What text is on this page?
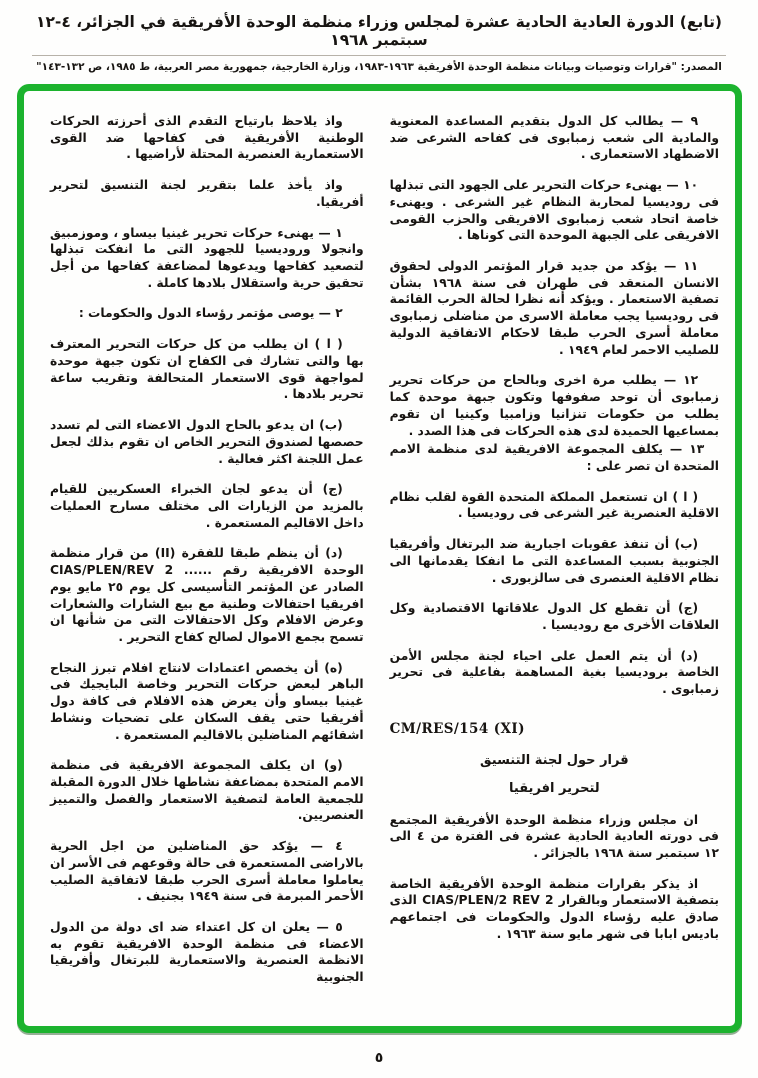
(تابع) الدورة العادية الحادية عشرة لمجلس وزراء منظمة الوحدة الأفريقية في الجزائر، ٤-١٢ سبتمبر ١٩٦٨
المصدر: "قرارات وتوصيات وبيانات منظمة الوحدة الأفريقية ١٩٦٣-١٩٨٣، وزارة الخارجية، جمهورية مصر العربية، ط ١٩٨٥، ص ١٣٢-١٤٣"
٩ — يطالب كل الدول بتقديم المساعدة المعنوية والمادية الى شعب زمبابوى فى كفاحه الشرعى ضد الاضطهاد الاستعمارى .
١٠ — يهنىء حركات التحرير على الجهود التى تبذلها فى روديسيا لمحاربة النظام غير الشرعى . ويهنىء خاصة اتحاد شعب زمبابوى الافريقى والحزب القومى الافريقى على الجبهة الموحدة التى كوناها .
١١ — يؤكد من جديد قرار المؤتمر الدولى لحقوق الانسان المنعقد فى طهران فى سنة ١٩٦٨ بشأن تصفية الاستعمار . ويؤكد أنه نظرا لحالة الحرب القائمة فى روديسيا يجب معاملة الاسرى من مناضلى زمبابوى معاملة أسرى الحرب طبقا لاحكام الاتفاقية الدولية للصليب الاحمر لعام ١٩٤٩ .
١٢ — يطلب مرة اخرى وبالحاح من حركات تحرير زمبابوى أن توحد صفوفها وتكون جبهة موحدة كما يطلب من حكومات تنزانيا وزامبيا وكينيا ان تقوم بمساعيها الحميدة لدى هذه الحركات فى هذا الصدد .
١٣ — يكلف المجموعة الافريقية لدى منظمة الامم المتحدة ان تصر على :
( ا ) ان تستعمل المملكة المتحدة القوة لقلب نظام الاقلية العنصرية غير الشرعى فى روديسيا .
(ب) أن تنفذ عقوبات اجبارية ضد البرتغال وأفريقيا الجنوبية بسبب المساعدة التى ما انفكا يقدمانها الى نظام الاقلية العنصرى فى سالزبورى .
(ج) أن تقطع كل الدول علاقاتها الاقتصادية وكل العلاقات الأخرى مع روديسيا .
(د) أن يتم العمل على احياء لجنة مجلس الأمن الخاصة بروديسيا بغية المساهمة بفاعلية فى تحرير زمبابوى .
CM/RES/154 (XI)
قرار حول لجنة التنسيق
لتحرير افريقيا
ان مجلس وزراء منظمة الوحدة الأفريقية المجتمع فى دورته العادية الحادية عشرة فى الفترة من ٤ الى ١٢ سبتمبر سنة ١٩٦٨ بالجزائر .
اذ يذكر بقرارات منظمة الوحدة الأفريقية الخاصة بتصفية الاستعمار وبالقرار CIAS/PLEN/2 REV 2 الذى صادق عليه رؤساء الدول والحكومات فى اجتماعهم باديس ابابا فى شهر مايو سنة ١٩٦٣ .
واذ يلاحظ بارتياح التقدم الذى أحرزته الحركات الوطنية الأفريقية فى كفاحها ضد القوى الاستعمارية العنصرية المحتلة لأراضيها .
واذ يأخذ علما بتقرير لجنة التنسيق لتحرير أفريقيا.
١ — يهنىء حركات تحرير غينيا بيساو ، وموزمبيق وانجولا وروديسيا للجهود التى ما انفكت تبذلها لتصعيد كفاحها ويدعوها لمضاعفة كفاحها من أجل تحقيق حرية واستقلال بلادها كاملة .
٢ — يوصى مؤتمر رؤساء الدول والحكومات :
( ا ) ان يطلب من كل حركات التحرير المعترف بها والتى تشارك فى الكفاح ان تكون جبهة موحدة لمواجهة قوى الاستعمار المتحالفة وتقريب ساعة تحرير بلادها .
(ب) ان يدعو بالحاح الدول الاعضاء التى لم تسدد حصصها لصندوق التحرير الخاص ان تقوم بذلك لجعل عمل اللجنة اكثر فعالية .
(ج) أن يدعو لجان الخبراء العسكريين للقيام بالمزيد من الزيارات الى مختلف مسارح العمليات داخل الاقاليم المستعمرة .
(د) أن ينظم طبقا للفقرة (II) من قرار منظمة الوحدة الافريقية رقم ...... CIAS/PLEN/REV 2 الصادر عن المؤتمر التأسيسى كل يوم ٢٥ مايو يوم افريقيا احتفالات وطنية مع بيع الشارات والشعارات وعرض الافلام وكل الاحتفالات التى من شأنها ان تسمح بجمع الاموال لصالح كفاح التحرير .
(ه) أن يخصص اعتمادات لانتاج افلام تبرز النجاح الباهر لبعض حركات التحرير وخاصة البايجيك فى غينيا بيساو وأن يعرض هذه الافلام فى كافة دول أفريقيا حتى يقف السكان على تضحيات ونشاط اشقائهم المناضلين بالاقاليم المستعمرة .
(و) ان يكلف المجموعة الافريقية فى منظمة الامم المتحدة بمضاعفة نشاطها خلال الدورة المقبلة للجمعية العامة لتصفية الاستعمار والفصل والتمييز العنصريين.
٤ — يؤكد حق المناضلين من اجل الحرية بالاراضى المستعمرة فى حالة وقوعهم فى الأسر ان يعاملوا معاملة أسرى الحرب طبقا لاتفاقية الصليب الأحمر المبرمة فى سنة ١٩٤٩ بجنيف .
٥ — يعلن ان كل اعتداء ضد اى دولة من الدول الاعضاء فى منظمة الوحدة الافريقية تقوم به الانظمة العنصرية والاستعمارية للبرتغال وأفريقيا الجنوبية
٥
